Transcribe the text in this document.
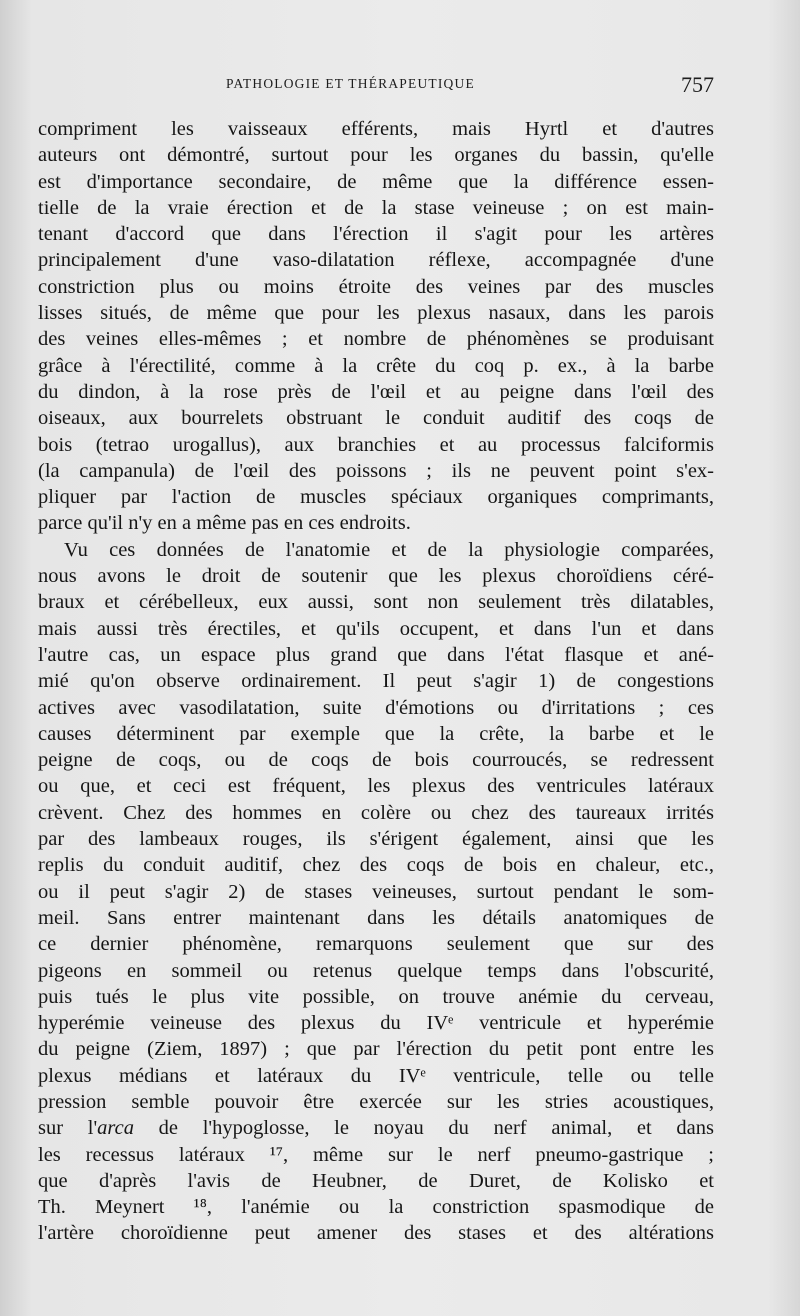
PATHOLOGIE ET THÉRAPEUTIQUE	757
compriment les vaisseaux efférents, mais Hyrtl et d'autres
auteurs ont démontré, surtout pour les organes du bassin, qu'elle
est d'importance secondaire, de même que la différence essen-
tielle de la vraie érection et de la stase veineuse ; on est main-
tenant d'accord que dans l'érection il s'agit pour les artères
principalement d'une vaso-dilatation réflexe, accompagnée d'une
constriction plus ou moins étroite des veines par des muscles
lisses situés, de même que pour les plexus nasaux, dans les parois
des veines elles-mêmes ; et nombre de phénomènes se produisant
grâce à l'érectilité, comme à la crête du coq p. ex., à la barbe
du dindon, à la rose près de l'œil et au peigne dans l'œil des
oiseaux, aux bourrelets obstruant le conduit auditif des coqs de
bois (tetrao urogallus), aux branchies et au processus falciformis
(la campanula) de l'œil des poissons ; ils ne peuvent point s'ex-
pliquer par l'action de muscles spéciaux organiques comprimants,
parce qu'il n'y en a même pas en ces endroits.
Vu ces données de l'anatomie et de la physiologie comparées,
nous avons le droit de soutenir que les plexus choroïdiens céré-
braux et cérébelleux, eux aussi, sont non seulement très dilatables,
mais aussi très érectiles, et qu'ils occupent, et dans l'un et dans
l'autre cas, un espace plus grand que dans l'état flasque et ané-
mié qu'on observe ordinairement. Il peut s'agir 1) de congestions
actives avec vasodilatation, suite d'émotions ou d'irritations ; ces
causes déterminent par exemple que la crête, la barbe et le
peigne de coqs, ou de coqs de bois courroucés, se redressent
ou que, et ceci est fréquent, les plexus des ventricules latéraux
crèvent. Chez des hommes en colère ou chez des taureaux irrités
par des lambeaux rouges, ils s'érigent également, ainsi que les
replis du conduit auditif, chez des coqs de bois en chaleur, etc.,
ou il peut s'agir 2) de stases veineuses, surtout pendant le som-
meil. Sans entrer maintenant dans les détails anatomiques de
ce dernier phénomène, remarquons seulement que sur des
pigeons en sommeil ou retenus quelque temps dans l'obscurité,
puis tués le plus vite possible, on trouve anémie du cerveau,
hyperémie veineuse des plexus du IVᵉ ventricule et hyperémie
du peigne (Ziem, 1897) ; que par l'érection du petit pont entre les
plexus médians et latéraux du IVᵉ ventricule, telle ou telle
pression semble pouvoir être exercée sur les stries acoustiques,
sur l'arca de l'hypoglosse, le noyau du nerf animal, et dans
les recessus latéraux ¹⁷, même sur le nerf pneumo-gastrique ;
que d'après l'avis de Heubner, de Duret, de Kolisko et
Th. Meynert ¹⁸, l'anémie ou la constriction spasmodique de
l'artère choroïdienne peut amener des stases et des altérations
